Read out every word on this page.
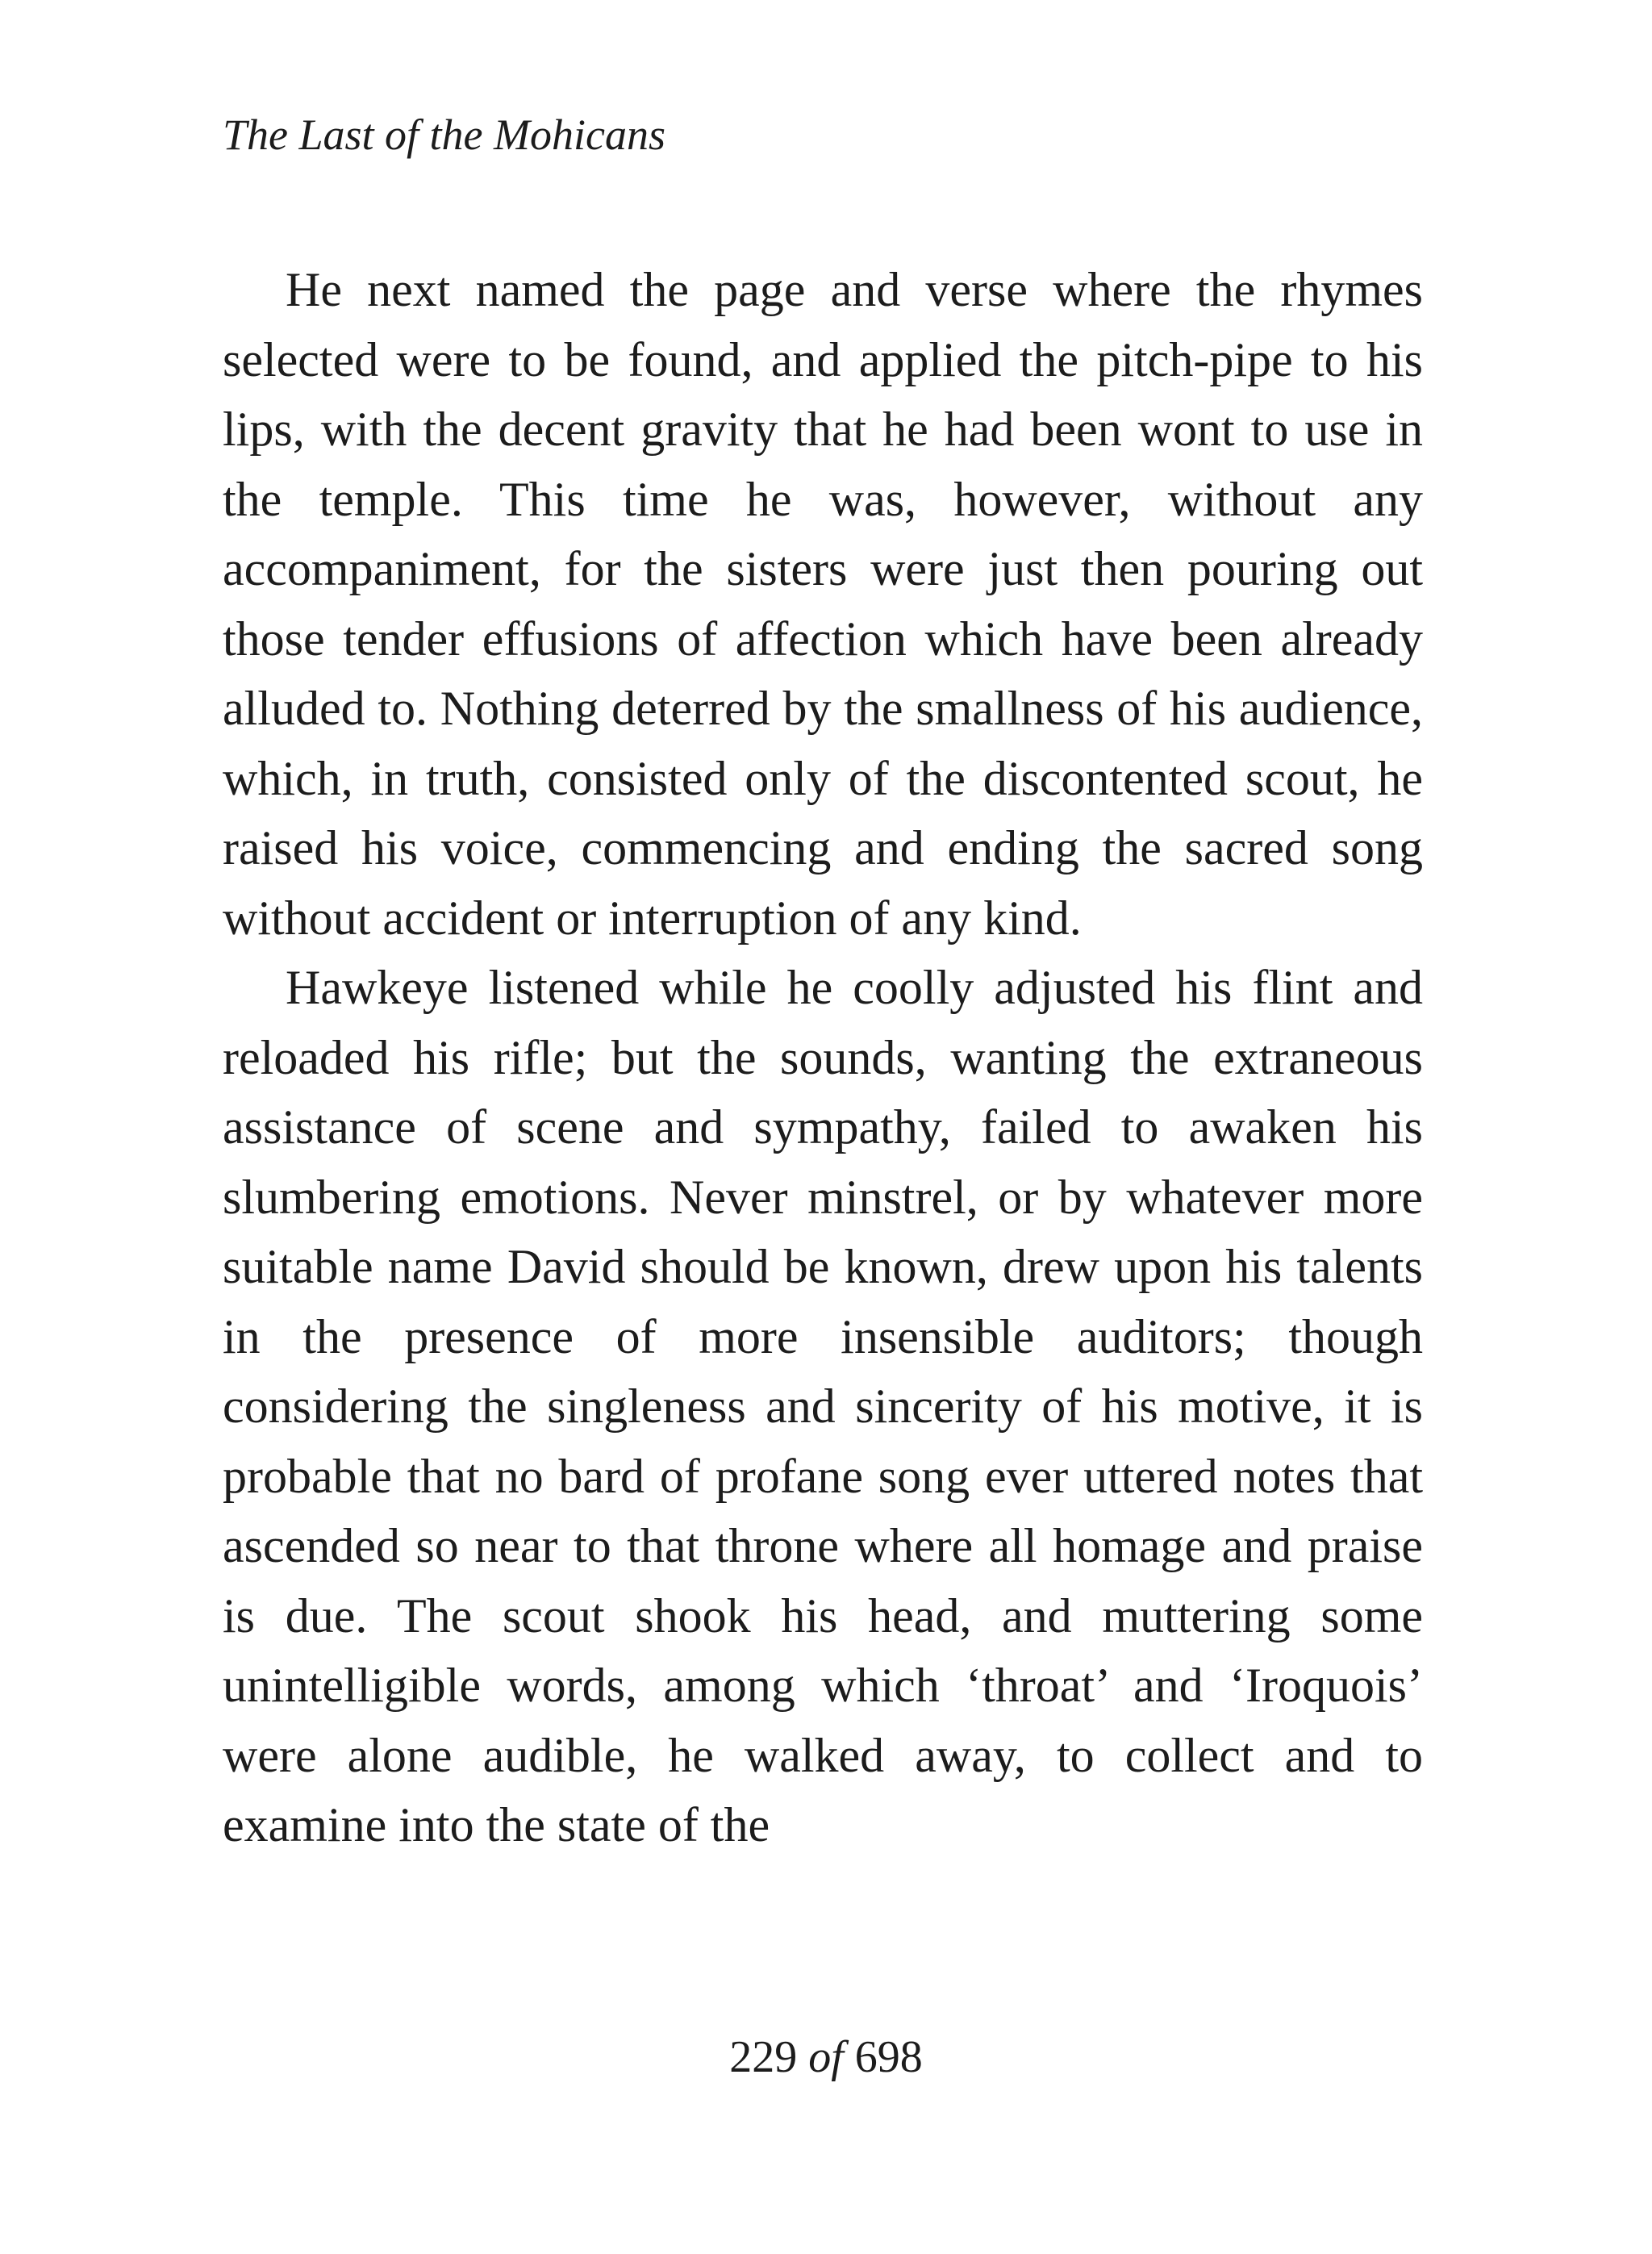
The Last of the Mohicans

He next named the page and verse where the rhymes selected were to be found, and applied the pitch-pipe to his lips, with the decent gravity that he had been wont to use in the temple. This time he was, however, without any accompaniment, for the sisters were just then pouring out those tender effusions of affection which have been already alluded to. Nothing deterred by the smallness of his audience, which, in truth, consisted only of the discontented scout, he raised his voice, commencing and ending the sacred song without accident or interruption of any kind.

Hawkeye listened while he coolly adjusted his flint and reloaded his rifle; but the sounds, wanting the extraneous assistance of scene and sympathy, failed to awaken his slumbering emotions. Never minstrel, or by whatever more suitable name David should be known, drew upon his talents in the presence of more insensible auditors; though considering the singleness and sincerity of his motive, it is probable that no bard of profane song ever uttered notes that ascended so near to that throne where all homage and praise is due. The scout shook his head, and muttering some unintelligible words, among which ‘throat’ and ‘Iroquois’ were alone audible, he walked away, to collect and to examine into the state of the

229 of 698
